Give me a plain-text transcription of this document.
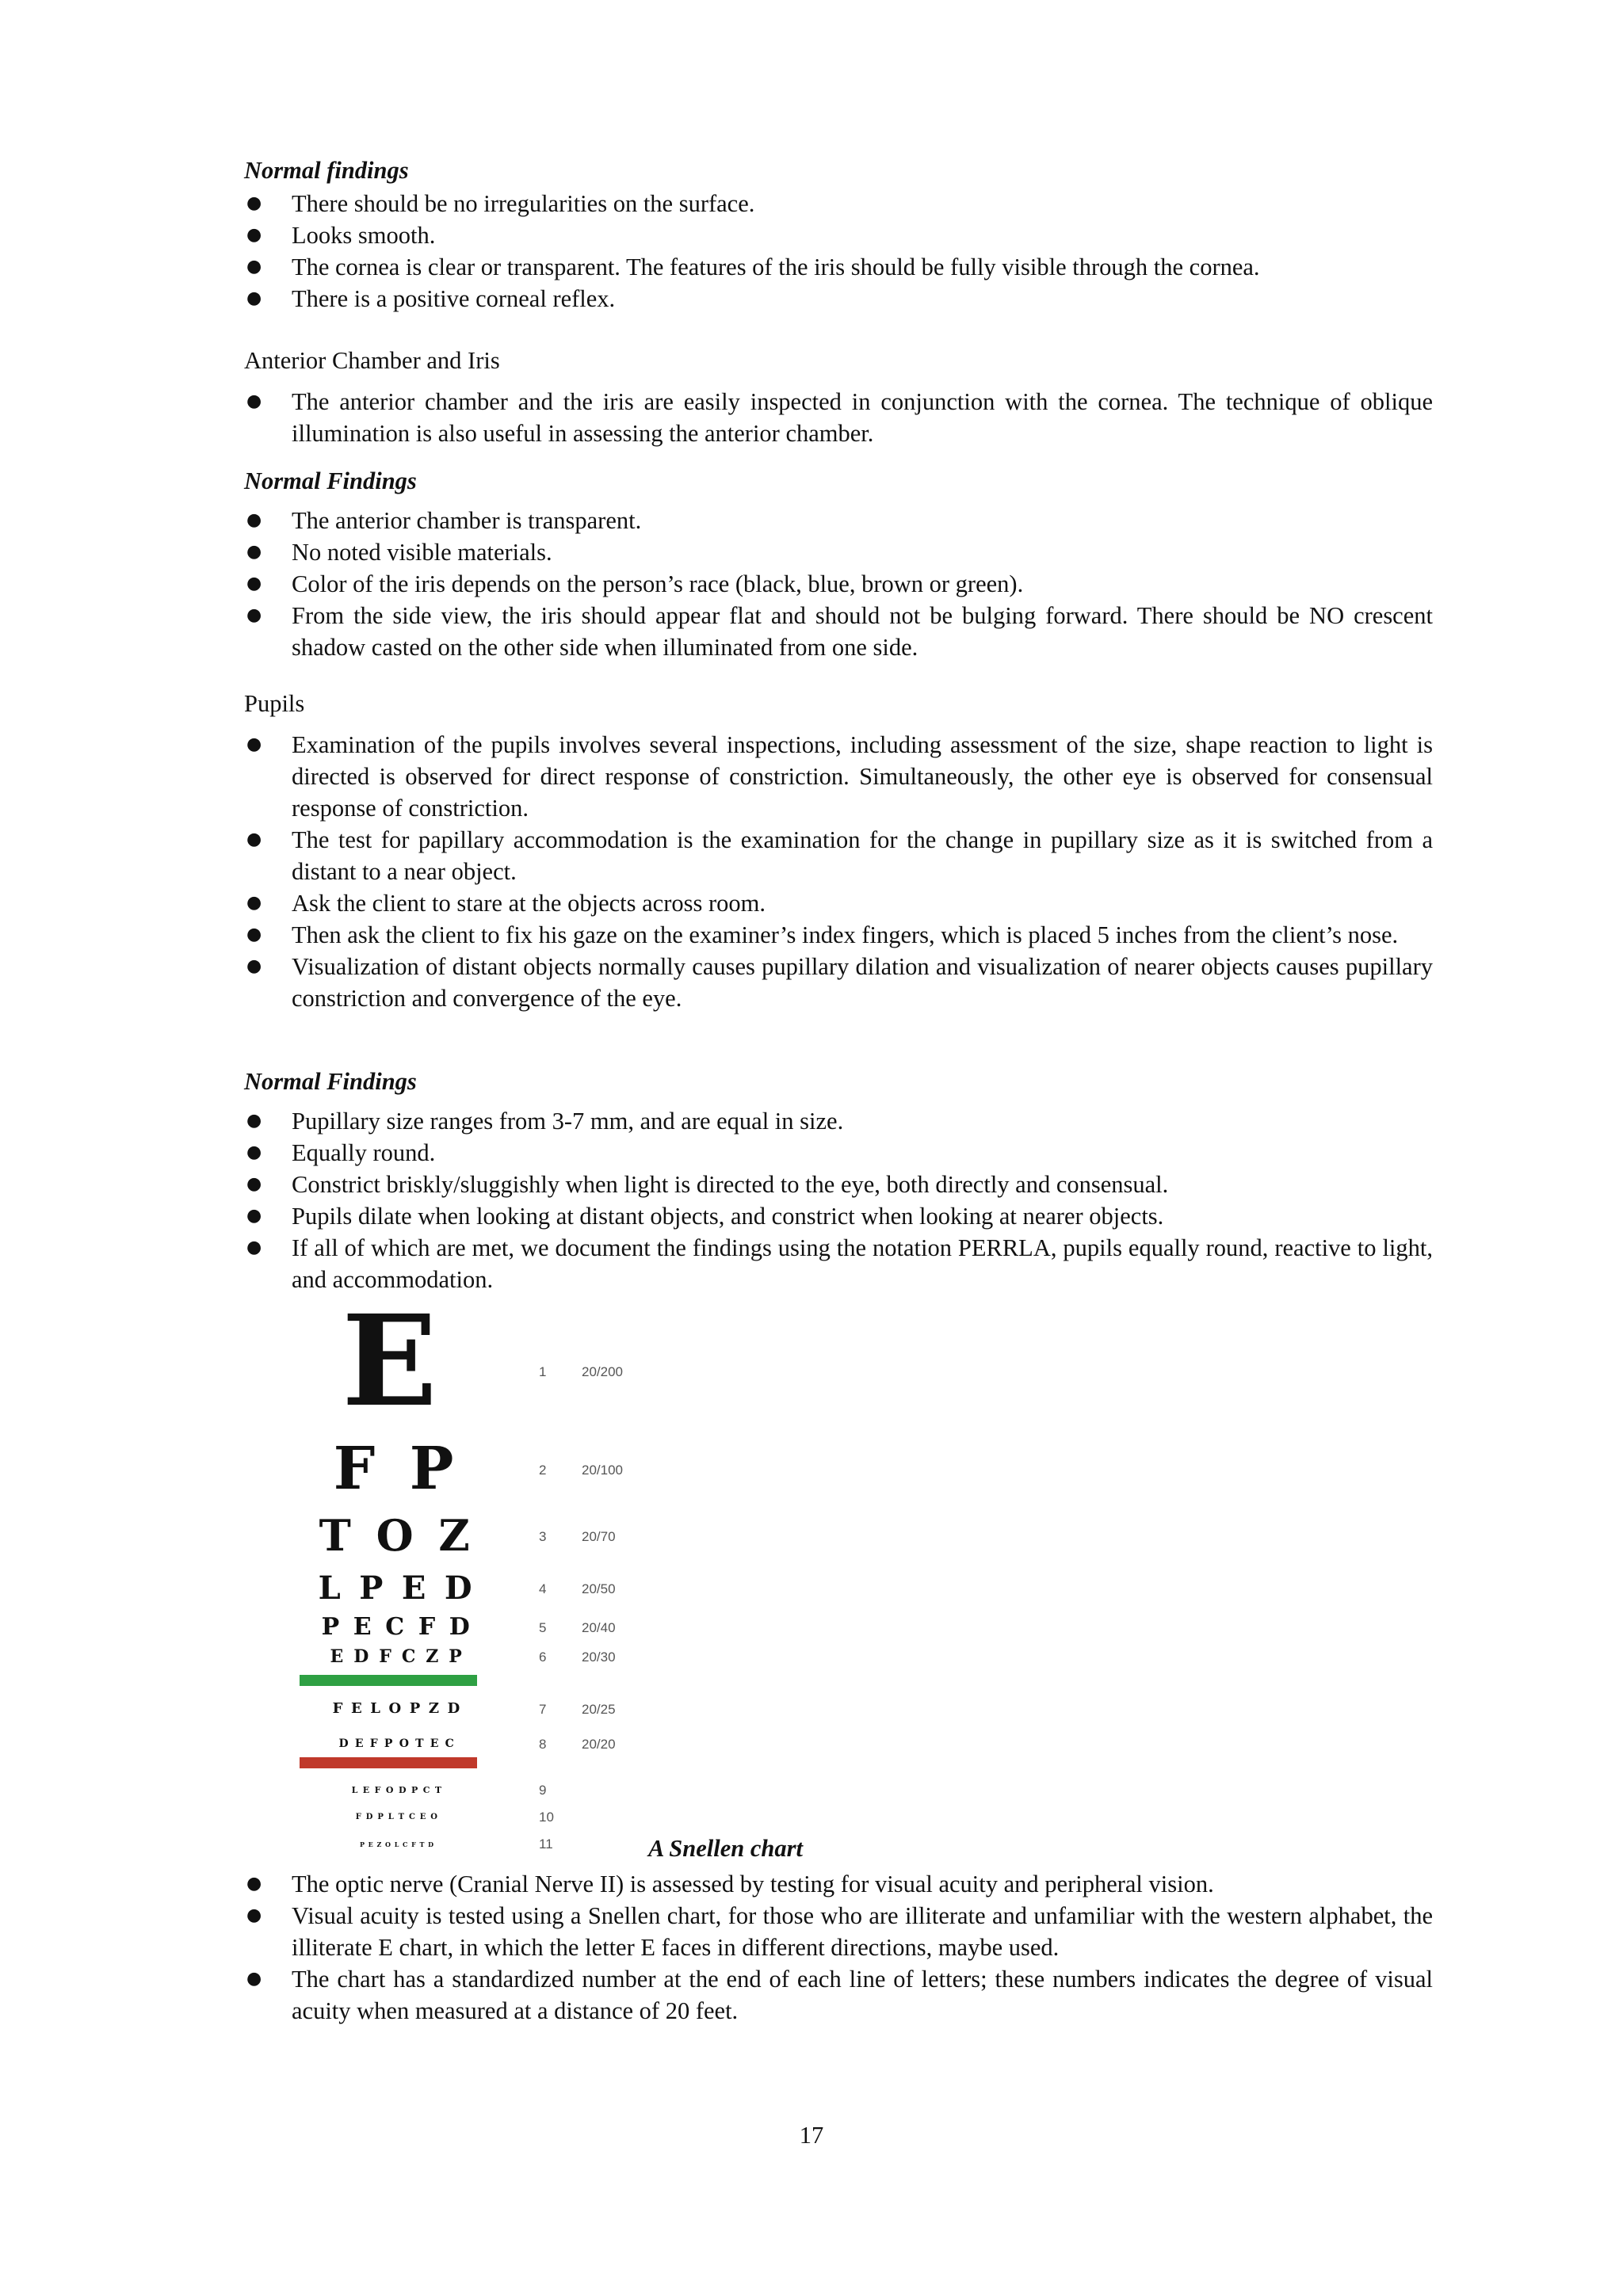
Normal findings
● There should be no irregularities on the surface.
● Looks smooth.
● The cornea is clear or transparent. The features of the iris should be fully visible through the cornea.
● There is a positive corneal reflex.
Anterior Chamber and Iris
● The anterior chamber and the iris are easily inspected in conjunction with the cornea. The technique of oblique illumination is also useful in assessing the anterior chamber.
Normal Findings
● The anterior chamber is transparent.
● No noted visible materials.
● Color of the iris depends on the person’s race (black, blue, brown or green).
● From the side view, the iris should appear flat and should not be bulging forward. There should be NO crescent shadow casted on the other side when illuminated from one side.
Pupils
● Examination of the pupils involves several inspections, including assessment of the size, shape reaction to light is directed is observed for direct response of constriction. Simultaneously, the other eye is observed for consensual response of constriction.
● The test for papillary accommodation is the examination for the change in pupillary size as it is switched from a distant to a near object.
● Ask the client to stare at the objects across room.
● Then ask the client to fix his gaze on the examiner’s index fingers, which is placed 5 inches from the client’s nose.
● Visualization of distant objects normally causes pupillary dilation and visualization of nearer objects causes pupillary constriction and convergence of the eye.
Normal Findings
● Pupillary size ranges from 3-7 mm, and are equal in size.
● Equally round.
● Constrict briskly/sluggishly when light is directed to the eye, both directly and consensual.
● Pupils dilate when looking at distant objects, and constrict when looking at nearer objects.
● If all of which are met, we document the findings using the notation PERRLA, pupils equally round, reactive to light, and accommodation.
E	1	20/200
F P	2	20/100
T O Z	3	20/70
L P E D	4	20/50
P E C F D	5	20/40
E D F C Z P	6	20/30
F E L O P Z D	7	20/25
D E F P O T E C	8	20/20
L E F O D P C T	9
F D P L T C E O	10
P E Z O L C F T D	11	A Snellen chart
● The optic nerve (Cranial Nerve II) is assessed by testing for visual acuity and peripheral vision.
● Visual acuity is tested using a Snellen chart, for those who are illiterate and unfamiliar with the western alphabet, the illiterate E chart, in which the letter E faces in different directions, maybe used.
● The chart has a standardized number at the end of each line of letters; these numbers indicates the degree of visual acuity when measured at a distance of 20 feet.
17
